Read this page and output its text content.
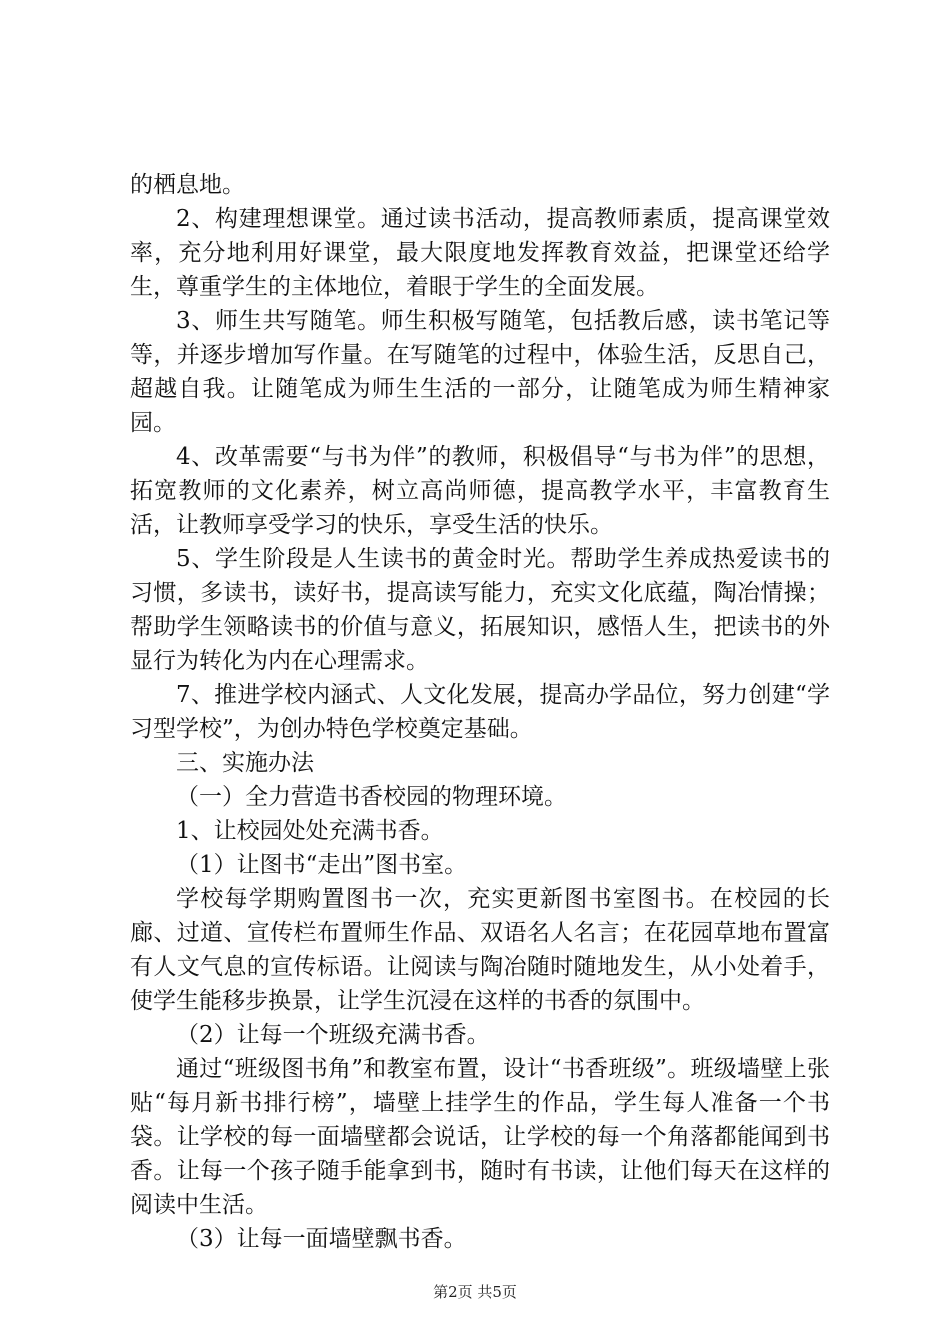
的栖息地。

2、构建理想课堂。通过读书活动，提高教师素质，提高课堂效率，充分地利用好课堂，最大限度地发挥教育效益，把课堂还给学生，尊重学生的主体地位，着眼于学生的全面发展。

3、师生共写随笔。师生积极写随笔，包括教后感，读书笔记等等，并逐步增加写作量。在写随笔的过程中，体验生活，反思自己，超越自我。让随笔成为师生生活的一部分，让随笔成为师生精神家园。

4、改革需要“与书为伴”的教师，积极倡导“与书为伴”的思想，拓宽教师的文化素养，树立高尚师德，提高教学水平，丰富教育生活，让教师享受学习的快乐，享受生活的快乐。

5、学生阶段是人生读书的黄金时光。帮助学生养成热爱读书的习惯，多读书，读好书，提高读写能力，充实文化底蕴，陶冶情操；帮助学生领略读书的价值与意义，拓展知识，感悟人生，把读书的外显行为转化为内在心理需求。

7、推进学校内涵式、人文化发展，提高办学品位，努力创建“学习型学校”，为创办特色学校奠定基础。

三、实施办法

（一）全力营造书香校园的物理环境。

1、让校园处处充满书香。

（1）让图书“走出”图书室。

学校每学期购置图书一次，充实更新图书室图书。在校园的长廊、过道、宣传栏布置师生作品、双语名人名言；在花园草地布置富有人文气息的宣传标语。让阅读与陶冶随时随地发生，从小处着手，使学生能移步换景，让学生沉浸在这样的书香的氛围中。

（2）让每一个班级充满书香。

通过“班级图书角”和教室布置，设计“书香班级”。班级墙壁上张贴“每月新书排行榜”，墙壁上挂学生的作品，学生每人准备一个书袋。让学校的每一面墙壁都会说话，让学校的每一个角落都能闻到书香。让每一个孩子随手能拿到书，随时有书读，让他们每天在这样的阅读中生活。

（3）让每一面墙壁飘书香。

第2页 共5页
